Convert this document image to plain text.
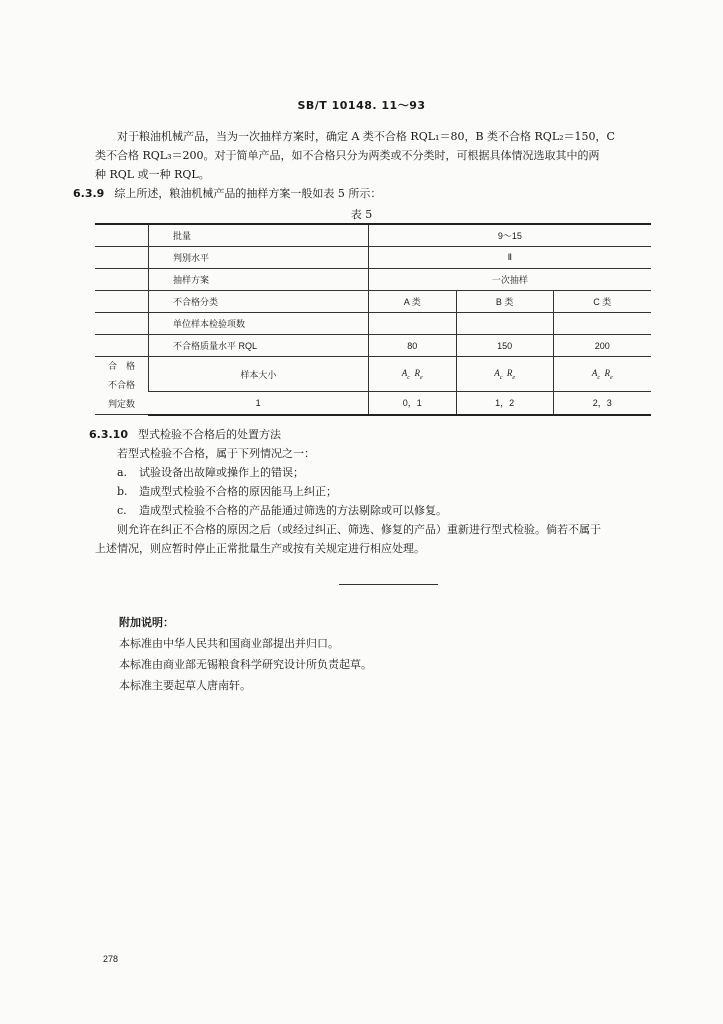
SB/T 10148. 11～93
对于粮油机械产品，当为一次抽样方案时，确定 A 类不合格 RQL₁＝80，B 类不合格 RQL₂＝150，C
类不合格 RQL₃＝200。对于简单产品，如不合格只分为两类或不分类时，可根据具体情况选取其中的两
种 RQL 或一种 RQL。
6.3.9 综上所述，粮油机械产品的抽样方案一般如表 5 所示：
表 5
	批量	9～15		
	判别水平	Ⅱ		
	抽样方案	一次抽样		
	不合格分类	A 类	B 类	C 类
	单位样本检验项数			
	不合格质量水平 RQL	80	150	200

合　格
不合格
判定数	样本大小	$A_c$ $R_e$	$A_c$ $R_e$	$A_c$ $R_e$
	1	0，1	1，2	2，3
6.3.10 型式检验不合格后的处置方法
若型式检验不合格，属于下列情况之一：
a. 试验设备出故障或操作上的错误；
b. 造成型式检验不合格的原因能马上纠正；
c. 造成型式检验不合格的产品能通过筛选的方法剔除或可以修复。
则允许在纠正不合格的原因之后（或经过纠正、筛选、修复的产品）重新进行型式检验。倘若不属于
上述情况，则应暂时停止正常批量生产或按有关规定进行相应处理。
附加说明：
本标准由中华人民共和国商业部提出并归口。
本标准由商业部无锡粮食科学研究设计所负责起草。
本标准主要起草人唐南轩。
278
